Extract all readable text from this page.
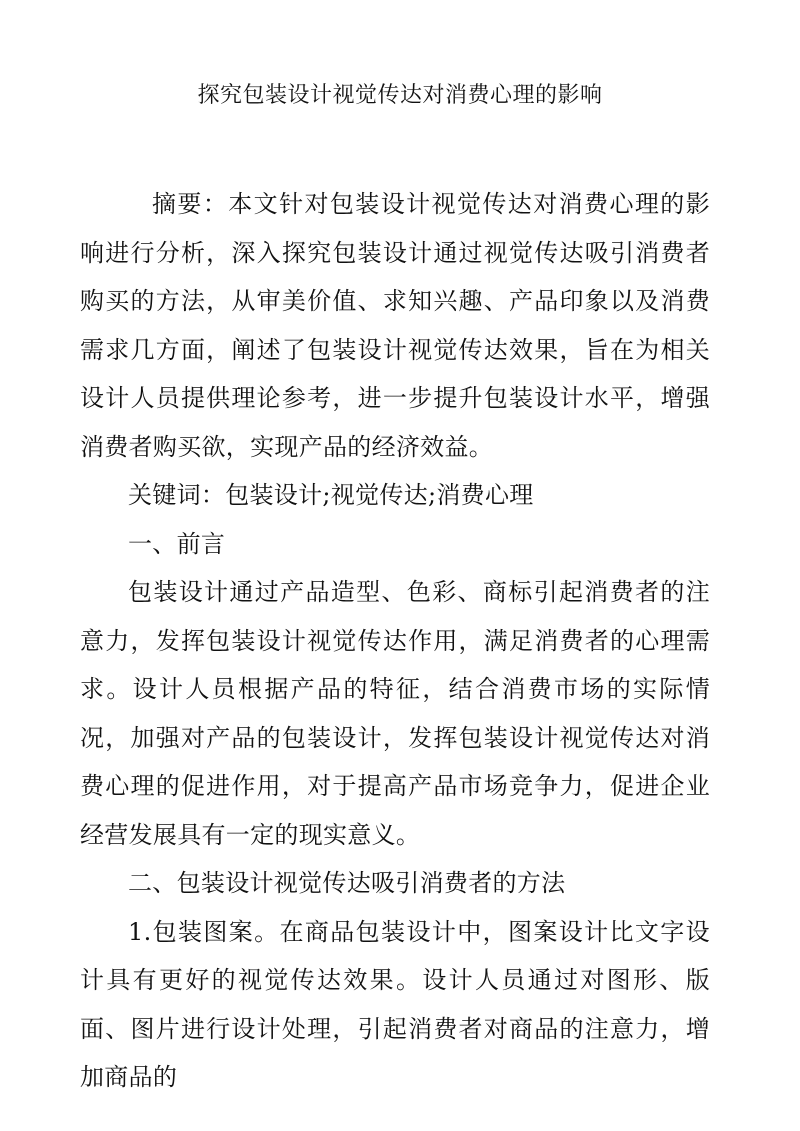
探究包装设计视觉传达对消费心理的影响

摘要：本文针对包装设计视觉传达对消费心理的影响进行分析，深入探究包装设计通过视觉传达吸引消费者购买的方法，从审美价值、求知兴趣、产品印象以及消费需求几方面，阐述了包装设计视觉传达效果，旨在为相关设计人员提供理论参考，进一步提升包装设计水平，增强消费者购买欲，实现产品的经济效益。

关键词：包装设计;视觉传达;消费心理

一、前言

包装设计通过产品造型、色彩、商标引起消费者的注意力，发挥包装设计视觉传达作用，满足消费者的心理需求。设计人员根据产品的特征，结合消费市场的实际情况，加强对产品的包装设计，发挥包装设计视觉传达对消费心理的促进作用，对于提高产品市场竞争力，促进企业经营发展具有一定的现实意义。

二、包装设计视觉传达吸引消费者的方法

1.包装图案。在商品包装设计中，图案设计比文字设计具有更好的视觉传达效果。设计人员通过对图形、版面、图片进行设计处理，引起消费者对商品的注意力，增加商品的
